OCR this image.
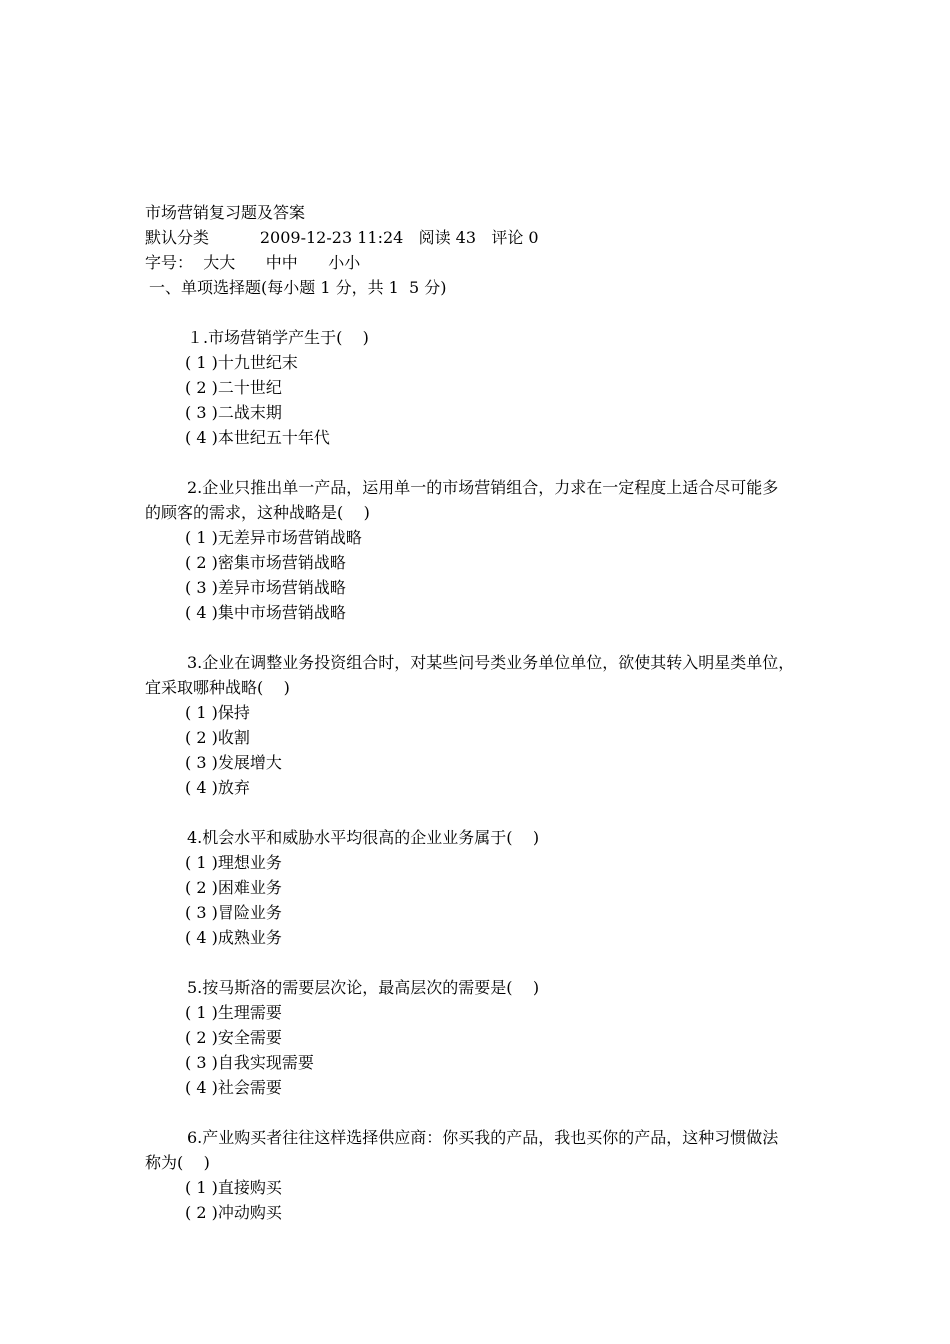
市场营销复习题及答案
默认分类	2009-12-23 11:24 阅读 43 评论 0
字号： 大大 中中 小小
一、单项选择题(每小题 1 分，共 1  5 分)
１.市场营销学产生于(    )
( 1 )十九世纪末
( 2 )二十世纪
( 3 )二战末期
( 4 )本世纪五十年代
2.企业只推出单一产品，运用单一的市场营销组合，力求在一定程度上适合尽可能多
的顾客的需求，这种战略是(    )
( 1 )无差异市场营销战略
( 2 )密集市场营销战略
( 3 )差异市场营销战略
( 4 )集中市场营销战略
3.企业在调整业务投资组合时，对某些问号类业务单位单位，欲使其转入明星类单位，
宜采取哪种战略(    )
( 1 )保持
( 2 )收割
( 3 )发展增大
( 4 )放弃
4.机会水平和威胁水平均很高的企业业务属于(    )
( 1 )理想业务
( 2 )困难业务
( 3 )冒险业务
( 4 )成熟业务
5.按马斯洛的需要层次论，最高层次的需要是(    )
( 1 )生理需要
( 2 )安全需要
( 3 )自我实现需要
( 4 )社会需要
6.产业购买者往往这样选择供应商：你买我的产品，我也买你的产品，这种习惯做法
称为(    )
( 1 )直接购买
( 2 )冲动购买
